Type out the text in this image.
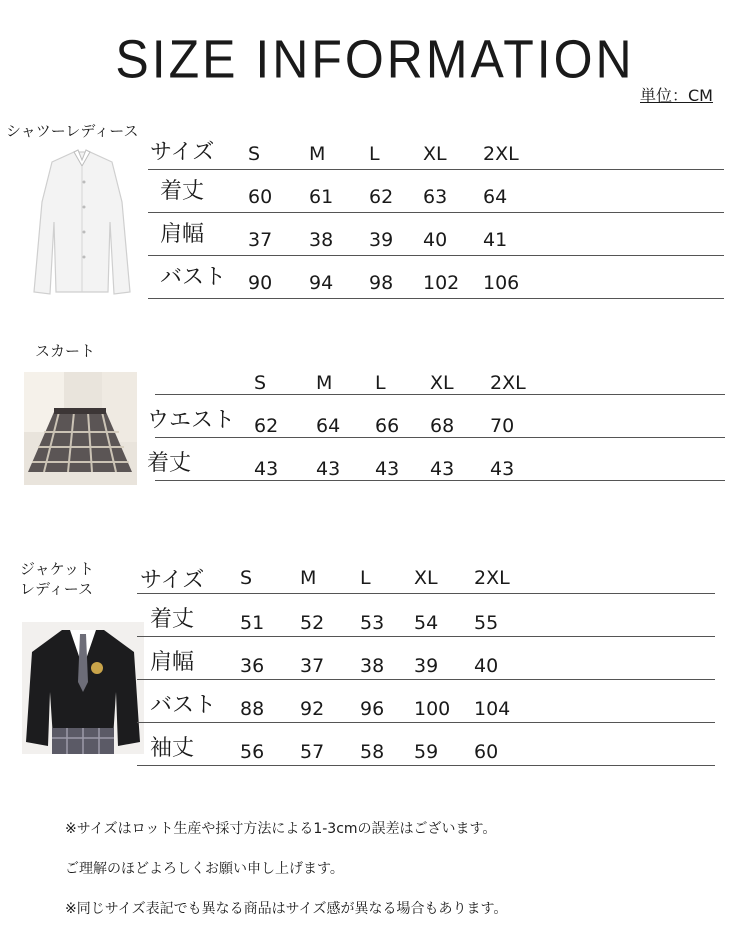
SIZE INFORMATION
単位：CM
シャツーレディース
サイズ S	M L XL 2XL
着丈 60 61 62 63 64
肩幅 37 38 39 40 41
バスト 90 94 98 102 106
スカート
S	M L XL 2XL
ウエスト 62 64 66 68 70
着丈	43 43 43 43 43
ジャケット
レディース サイズ S	M L XL 2XL
着丈 51 52 53 54 55
肩幅 36 37 38 39 40
バスト 88 92 96 100 104
袖丈 56 57 58 59 60
※サイズはロット生産や採寸方法による1-3cmの誤差はございます。
ご理解のほどよろしくお願い申し上げます。
※同じサイズ表記でも異なる商品はサイズ感が異なる場合もあります。
